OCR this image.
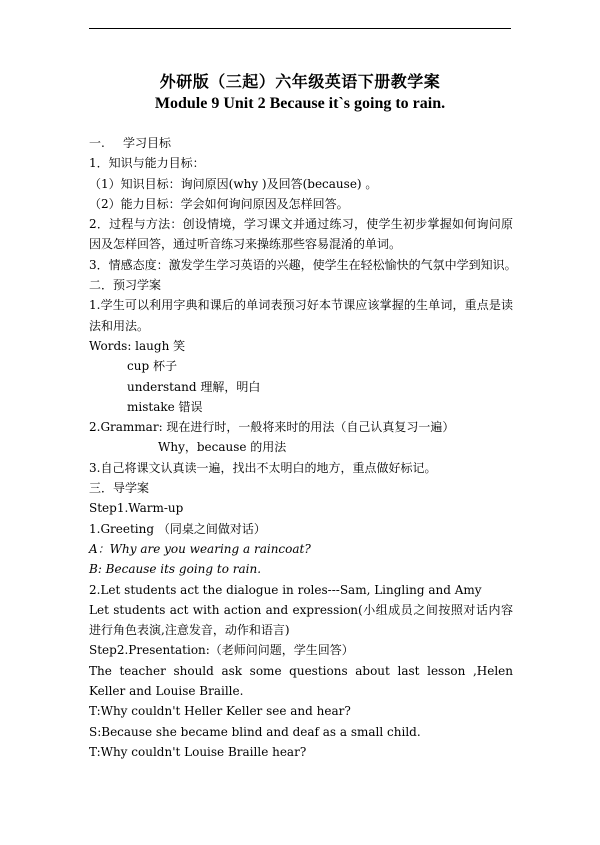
外研版（三起）六年级英语下册教学案
Module 9 Unit 2 Because it`s going to rain.

一. 学习目标

1．知识与能力目标：

（1）知识目标：询问原因(why )及回答(because) 。

（2）能力目标：学会如何询问原因及怎样回答。

2．过程与方法：创设情境，学习课文并通过练习，使学生初步掌握如何询问原因及怎样回答，通过听音练习来操练那些容易混淆的单词。

3．情感态度：激发学生学习英语的兴趣，使学生在轻松愉快的气氛中学到知识。

二．预习学案

1.学生可以利用字典和课后的单词表预习好本节课应该掌握的生单词，重点是读法和用法。

Words: laugh 笑

cup 杯子

understand 理解，明白

mistake 错误

2.Grammar: 现在进行时，一般将来时的用法（自己认真复习一遍）

Why，because 的用法

3.自己将课文认真读一遍，找出不太明白的地方，重点做好标记。

三．导学案

Step1.Warm-up

1.Greeting （同桌之间做对话）

A：Why are you wearing a raincoat?

B: Because its going to rain.

2.Let students act the dialogue in roles---Sam, Lingling and Amy

Let students act with action and expression(小组成员之间按照对话内容进行角色表演,注意发音，动作和语言)

Step2.Presentation:（老师问问题，学生回答）

The teacher should ask some questions about last lesson ,Helen Keller and Louise Braille.

T:Why couldn't Heller Keller see and hear?

S:Because she became blind and deaf as a small child.

T:Why couldn't Louise Braille hear?
